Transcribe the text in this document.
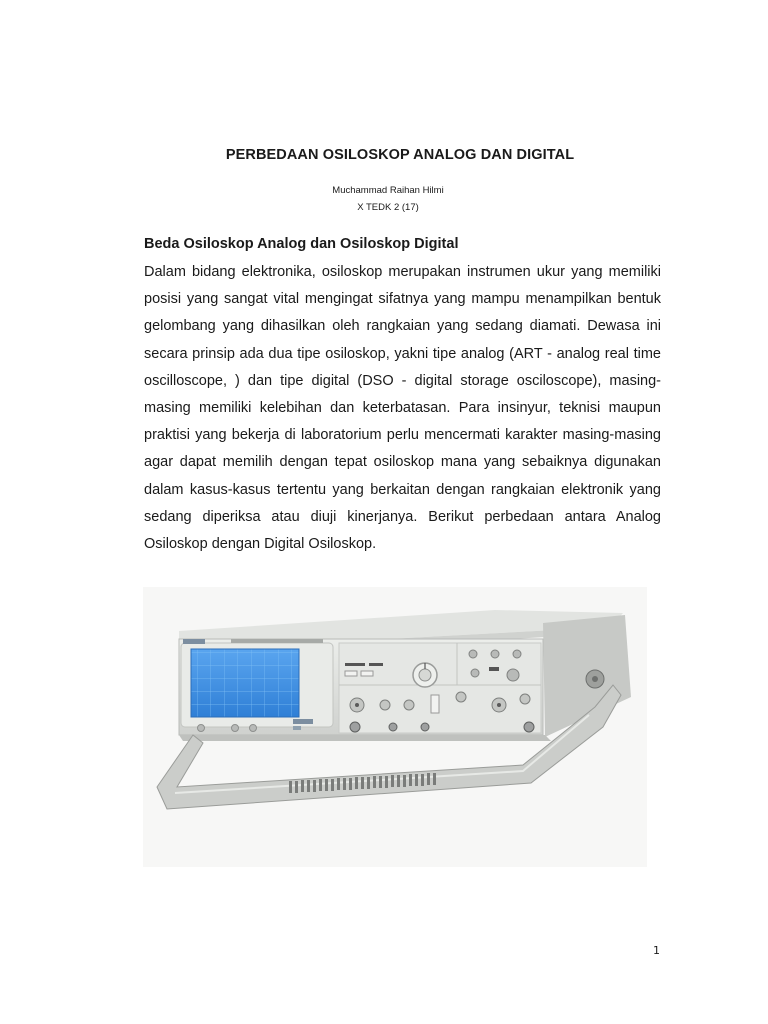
PERBEDAAN OSILOSKOP ANALOG DAN DIGITAL
Muchammad Raihan Hilmi
X TEDK 2 (17)
Beda Osiloskop Analog dan Osiloskop Digital

Dalam bidang elektronika, osiloskop merupakan instrumen ukur yang memiliki posisi yang sangat vital mengingat sifatnya yang mampu menampilkan bentuk gelombang yang dihasilkan oleh rangkaian yang sedang diamati. Dewasa ini secara prinsip ada dua tipe osiloskop, yakni tipe analog (ART - analog real time oscilloscope, ) dan tipe digital (DSO - digital storage osciloscope), masing-masing memiliki kelebihan dan keterbatasan. Para insinyur, teknisi maupun praktisi yang bekerja di laboratorium perlu mencermati karakter masing-masing agar dapat memilih dengan tepat osiloskop mana yang sebaiknya digunakan dalam kasus-kasus tertentu yang berkaitan dengan rangkaian elektronik yang sedang diperiksa atau diuji kinerjanya. Berikut perbedaan antara Analog Osiloskop dengan Digital Osiloskop.

1
